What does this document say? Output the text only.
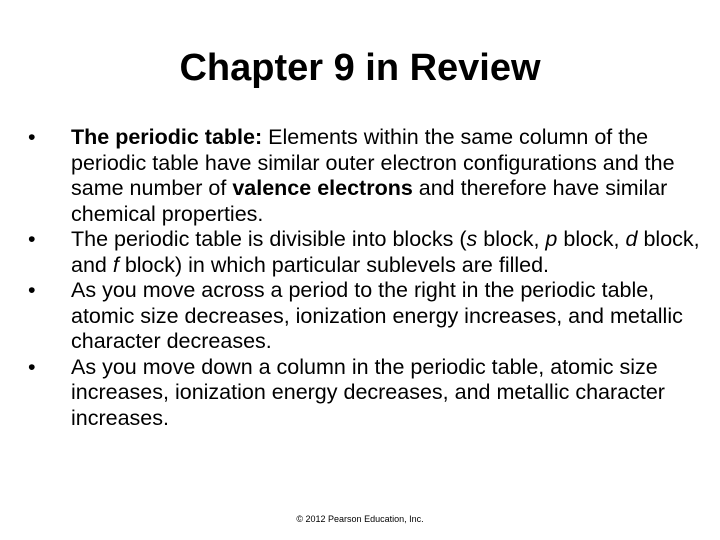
Chapter 9 in Review
•	The periodic table: Elements within the same column of the periodic table have similar outer electron configurations and the same number of valence electrons and therefore have similar chemical properties.
•	The periodic table is divisible into blocks (s block, p block, d block, and f block) in which particular sublevels are filled.
•	As you move across a period to the right in the periodic table, atomic size decreases, ionization energy increases, and metallic character decreases.
•	As you move down a column in the periodic table, atomic size increases, ionization energy decreases, and metallic character increases.
© 2012 Pearson Education, Inc.
